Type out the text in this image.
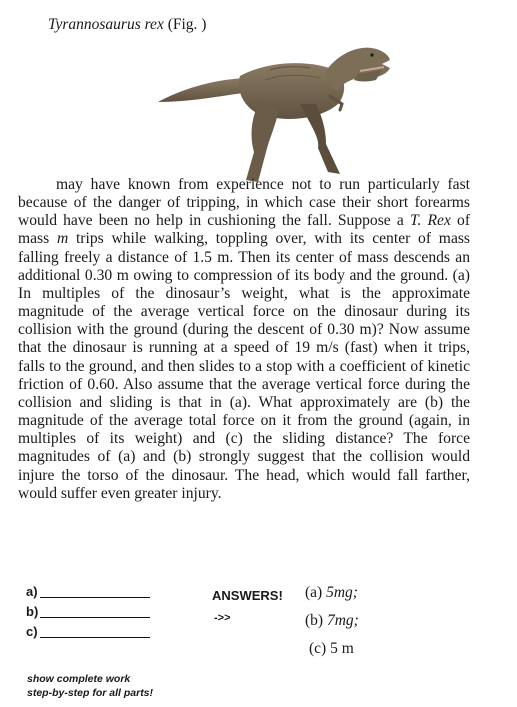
Tyrannosaurus rex (Fig. )

may have known from experience not to run particularly fast because of the danger of tripping, in which case their short forearms would have been no help in cushioning the fall. Suppose a T. Rex of mass m trips while walking, toppling over, with its center of mass falling freely a distance of 1.5 m. Then its center of mass descends an additional 0.30 m owing to compression of its body and the ground. (a) In multiples of the dinosaur’s weight, what is the approximate magnitude of the average vertical force on the dinosaur during its collision with the ground (during the descent of 0.30 m)? Now assume that the dinosaur is running at a speed of 19 m/s (fast) when it trips, falls to the ground, and then slides to a stop with a coefficient of kinetic friction of 0.60. Also assume that the average vertical force during the collision and sliding is that in (a). What approximately are (b) the magnitude of the average total force on it from the ground (again, in multiples of its weight) and (c) the sliding distance? The force magnitudes of (a) and (b) strongly suggest that the collision would injure the torso of the dinosaur. The head, which would fall farther, would suffer even greater injury.

a)
b)
c)
ANSWERS!
->>
(a) 5mg;
(b) 7mg;
(c) 5 m
show complete work
step-by-step for all parts!
